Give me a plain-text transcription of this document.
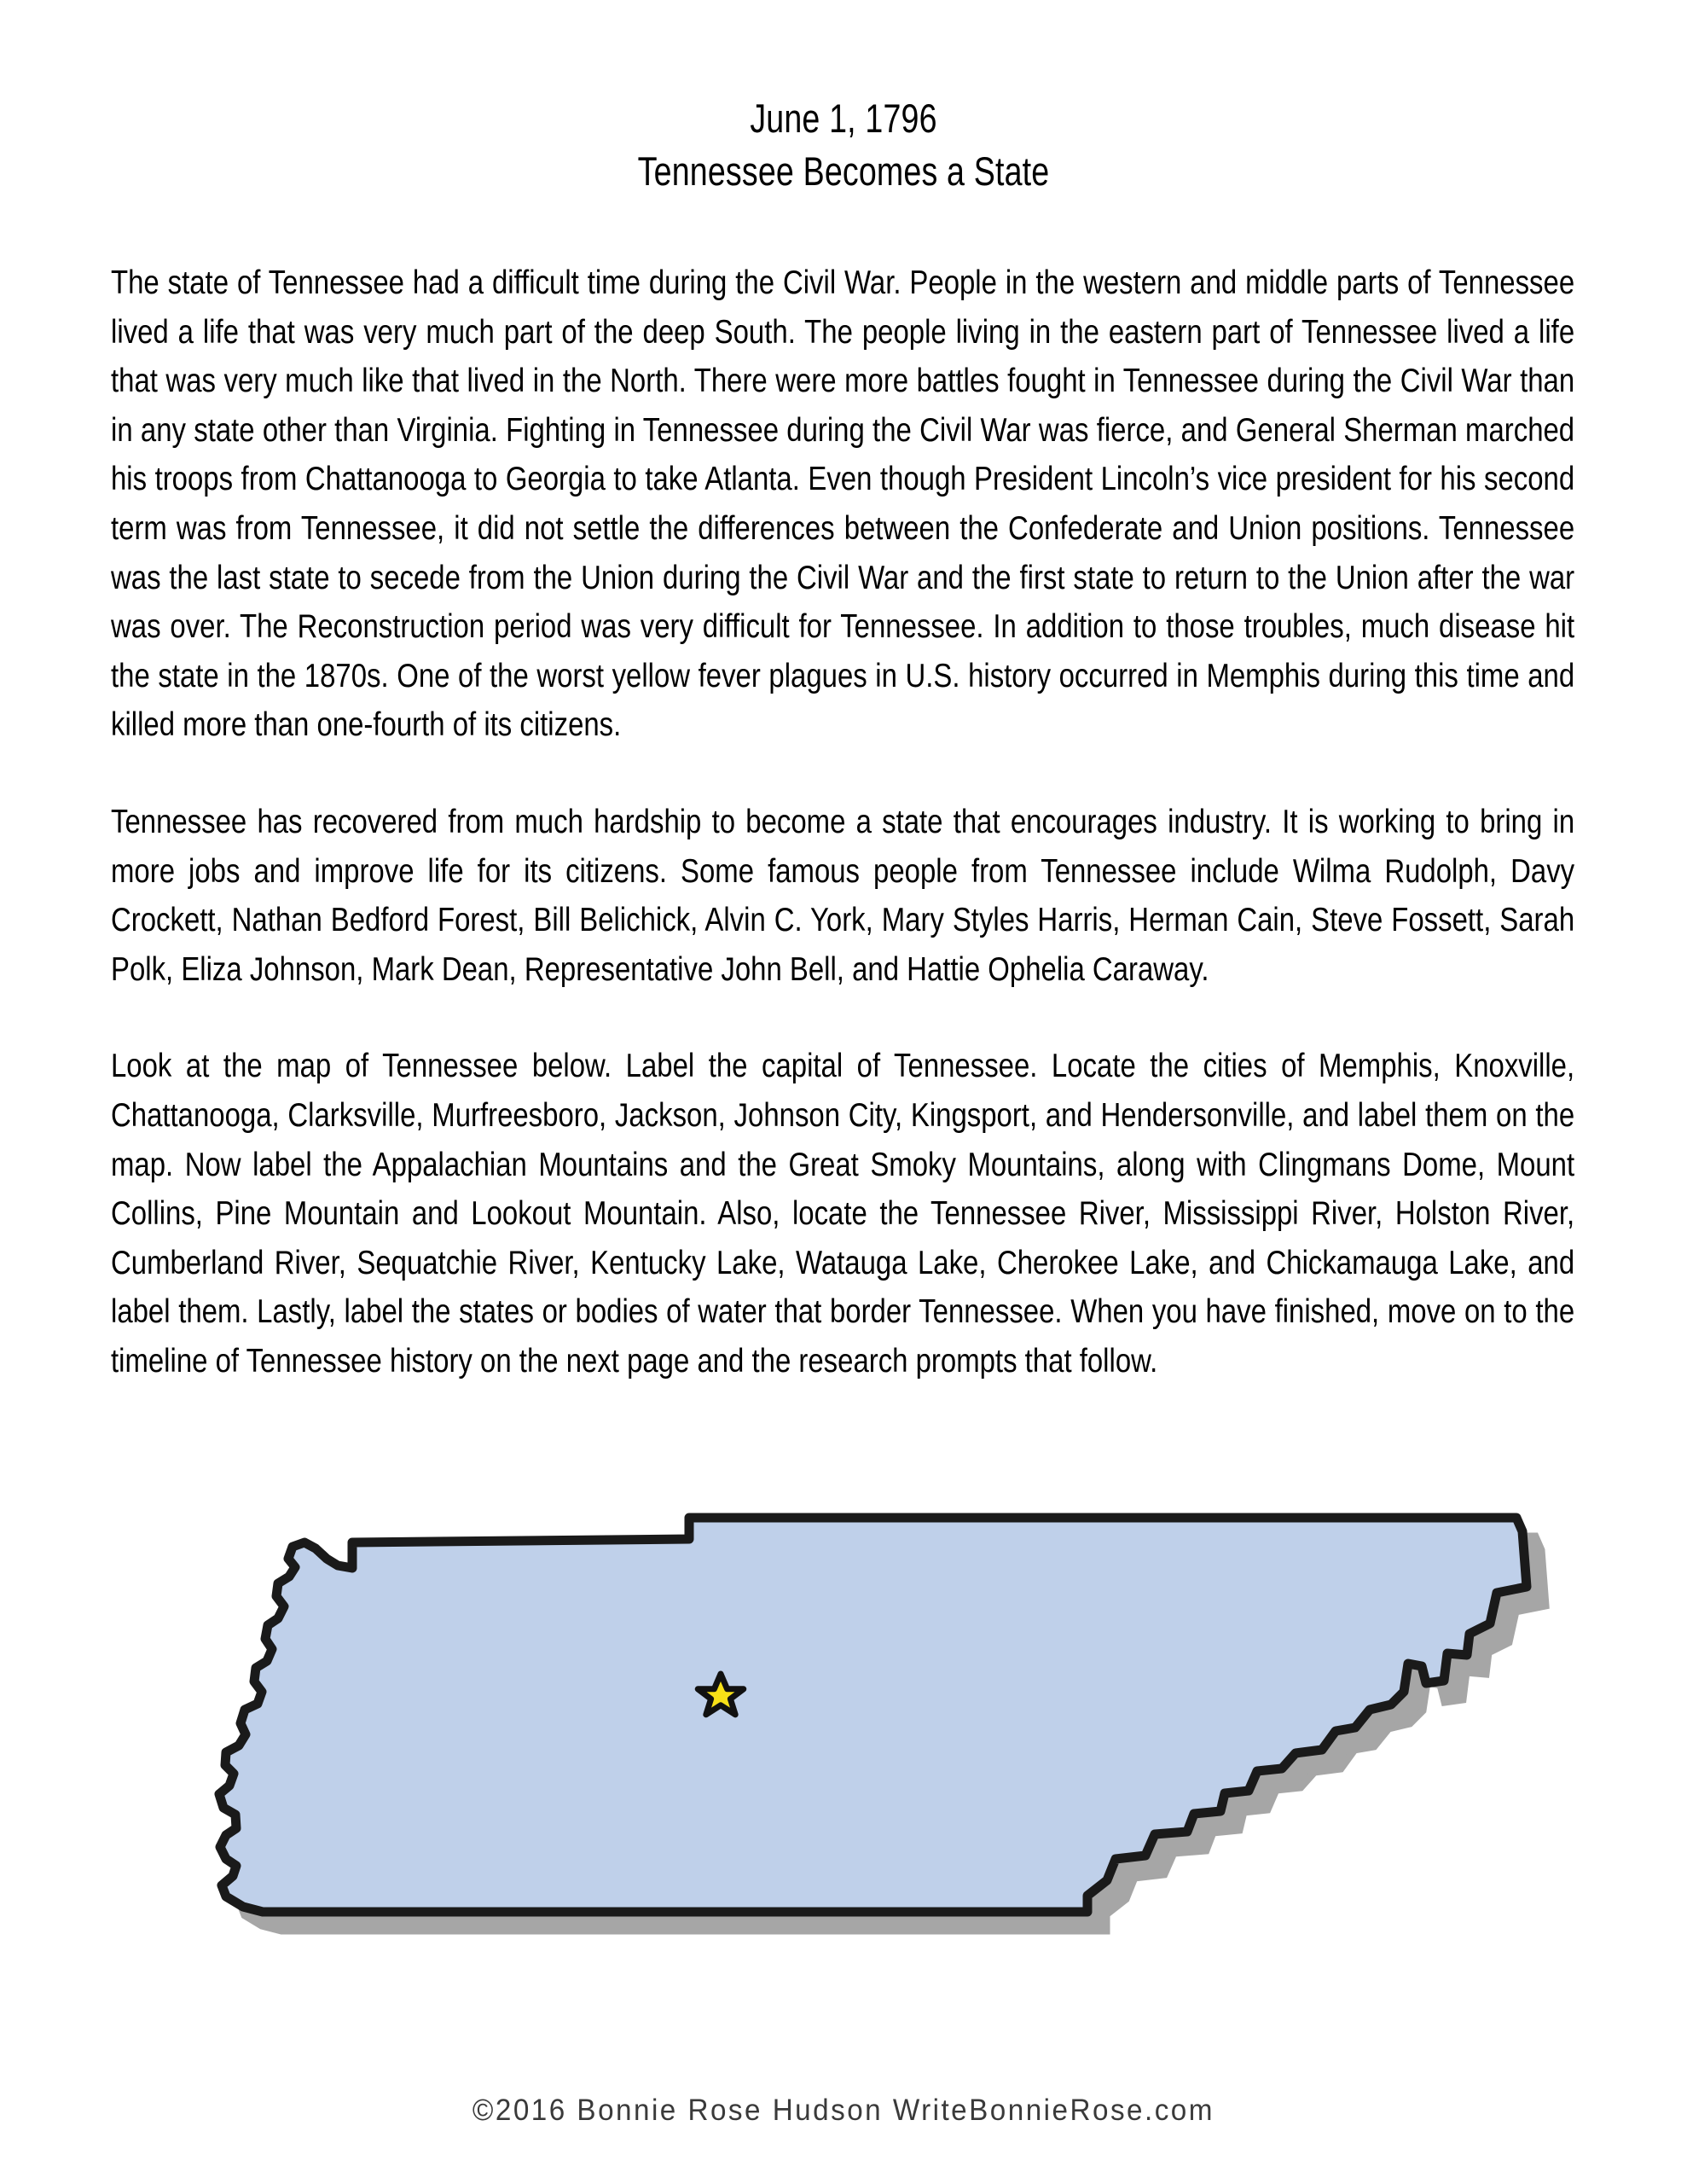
June 1, 1796
Tennessee Becomes a State

The state of Tennessee had a difficult time during the Civil War. People in the western and middle parts of Tennessee lived a life that was very much part of the deep South. The people living in the eastern part of Tennessee lived a life that was very much like that lived in the North. There were more battles fought in Tennessee during the Civil War than in any state other than Virginia. Fighting in Tennessee during the Civil War was fierce, and General Sherman marched his troops from Chattanooga to Georgia to take Atlanta. Even though President Lincoln’s vice president for his second term was from Tennessee, it did not settle the differences between the Confederate and Union positions. Tennessee was the last state to secede from the Union during the Civil War and the first state to return to the Union after the war was over. The Reconstruction period was very difficult for Tennessee. In addition to those troubles, much disease hit the state in the 1870s. One of the worst yellow fever plagues in U.S. history occurred in Memphis during this time and killed more than one-fourth of its citizens.

Tennessee has recovered from much hardship to become a state that encourages industry. It is working to bring in more jobs and improve life for its citizens. Some famous people from Tennessee include Wilma Rudolph, Davy Crockett, Nathan Bedford Forest, Bill Belichick, Alvin C. York, Mary Styles Harris, Herman Cain, Steve Fossett, Sarah Polk, Eliza Johnson, Mark Dean, Representative John Bell, and Hattie Ophelia Caraway.

Look at the map of Tennessee below. Label the capital of Tennessee. Locate the cities of Memphis, Knoxville, Chattanooga, Clarksville, Murfreesboro, Jackson, Johnson City, Kingsport, and Hendersonville, and label them on the map. Now label the Appalachian Mountains and the Great Smoky Mountains, along with Clingmans Dome, Mount Collins, Pine Mountain and Lookout Mountain. Also, locate the Tennessee River, Mississippi River, Holston River, Cumberland River, Sequatchie River, Kentucky Lake, Watauga Lake, Cherokee Lake, and Chickamauga Lake, and label them. Lastly, label the states or bodies of water that border Tennessee. When you have finished, move on to the timeline of Tennessee history on the next page and the research prompts that follow.

©2016 Bonnie Rose Hudson WriteBonnieRose.com
